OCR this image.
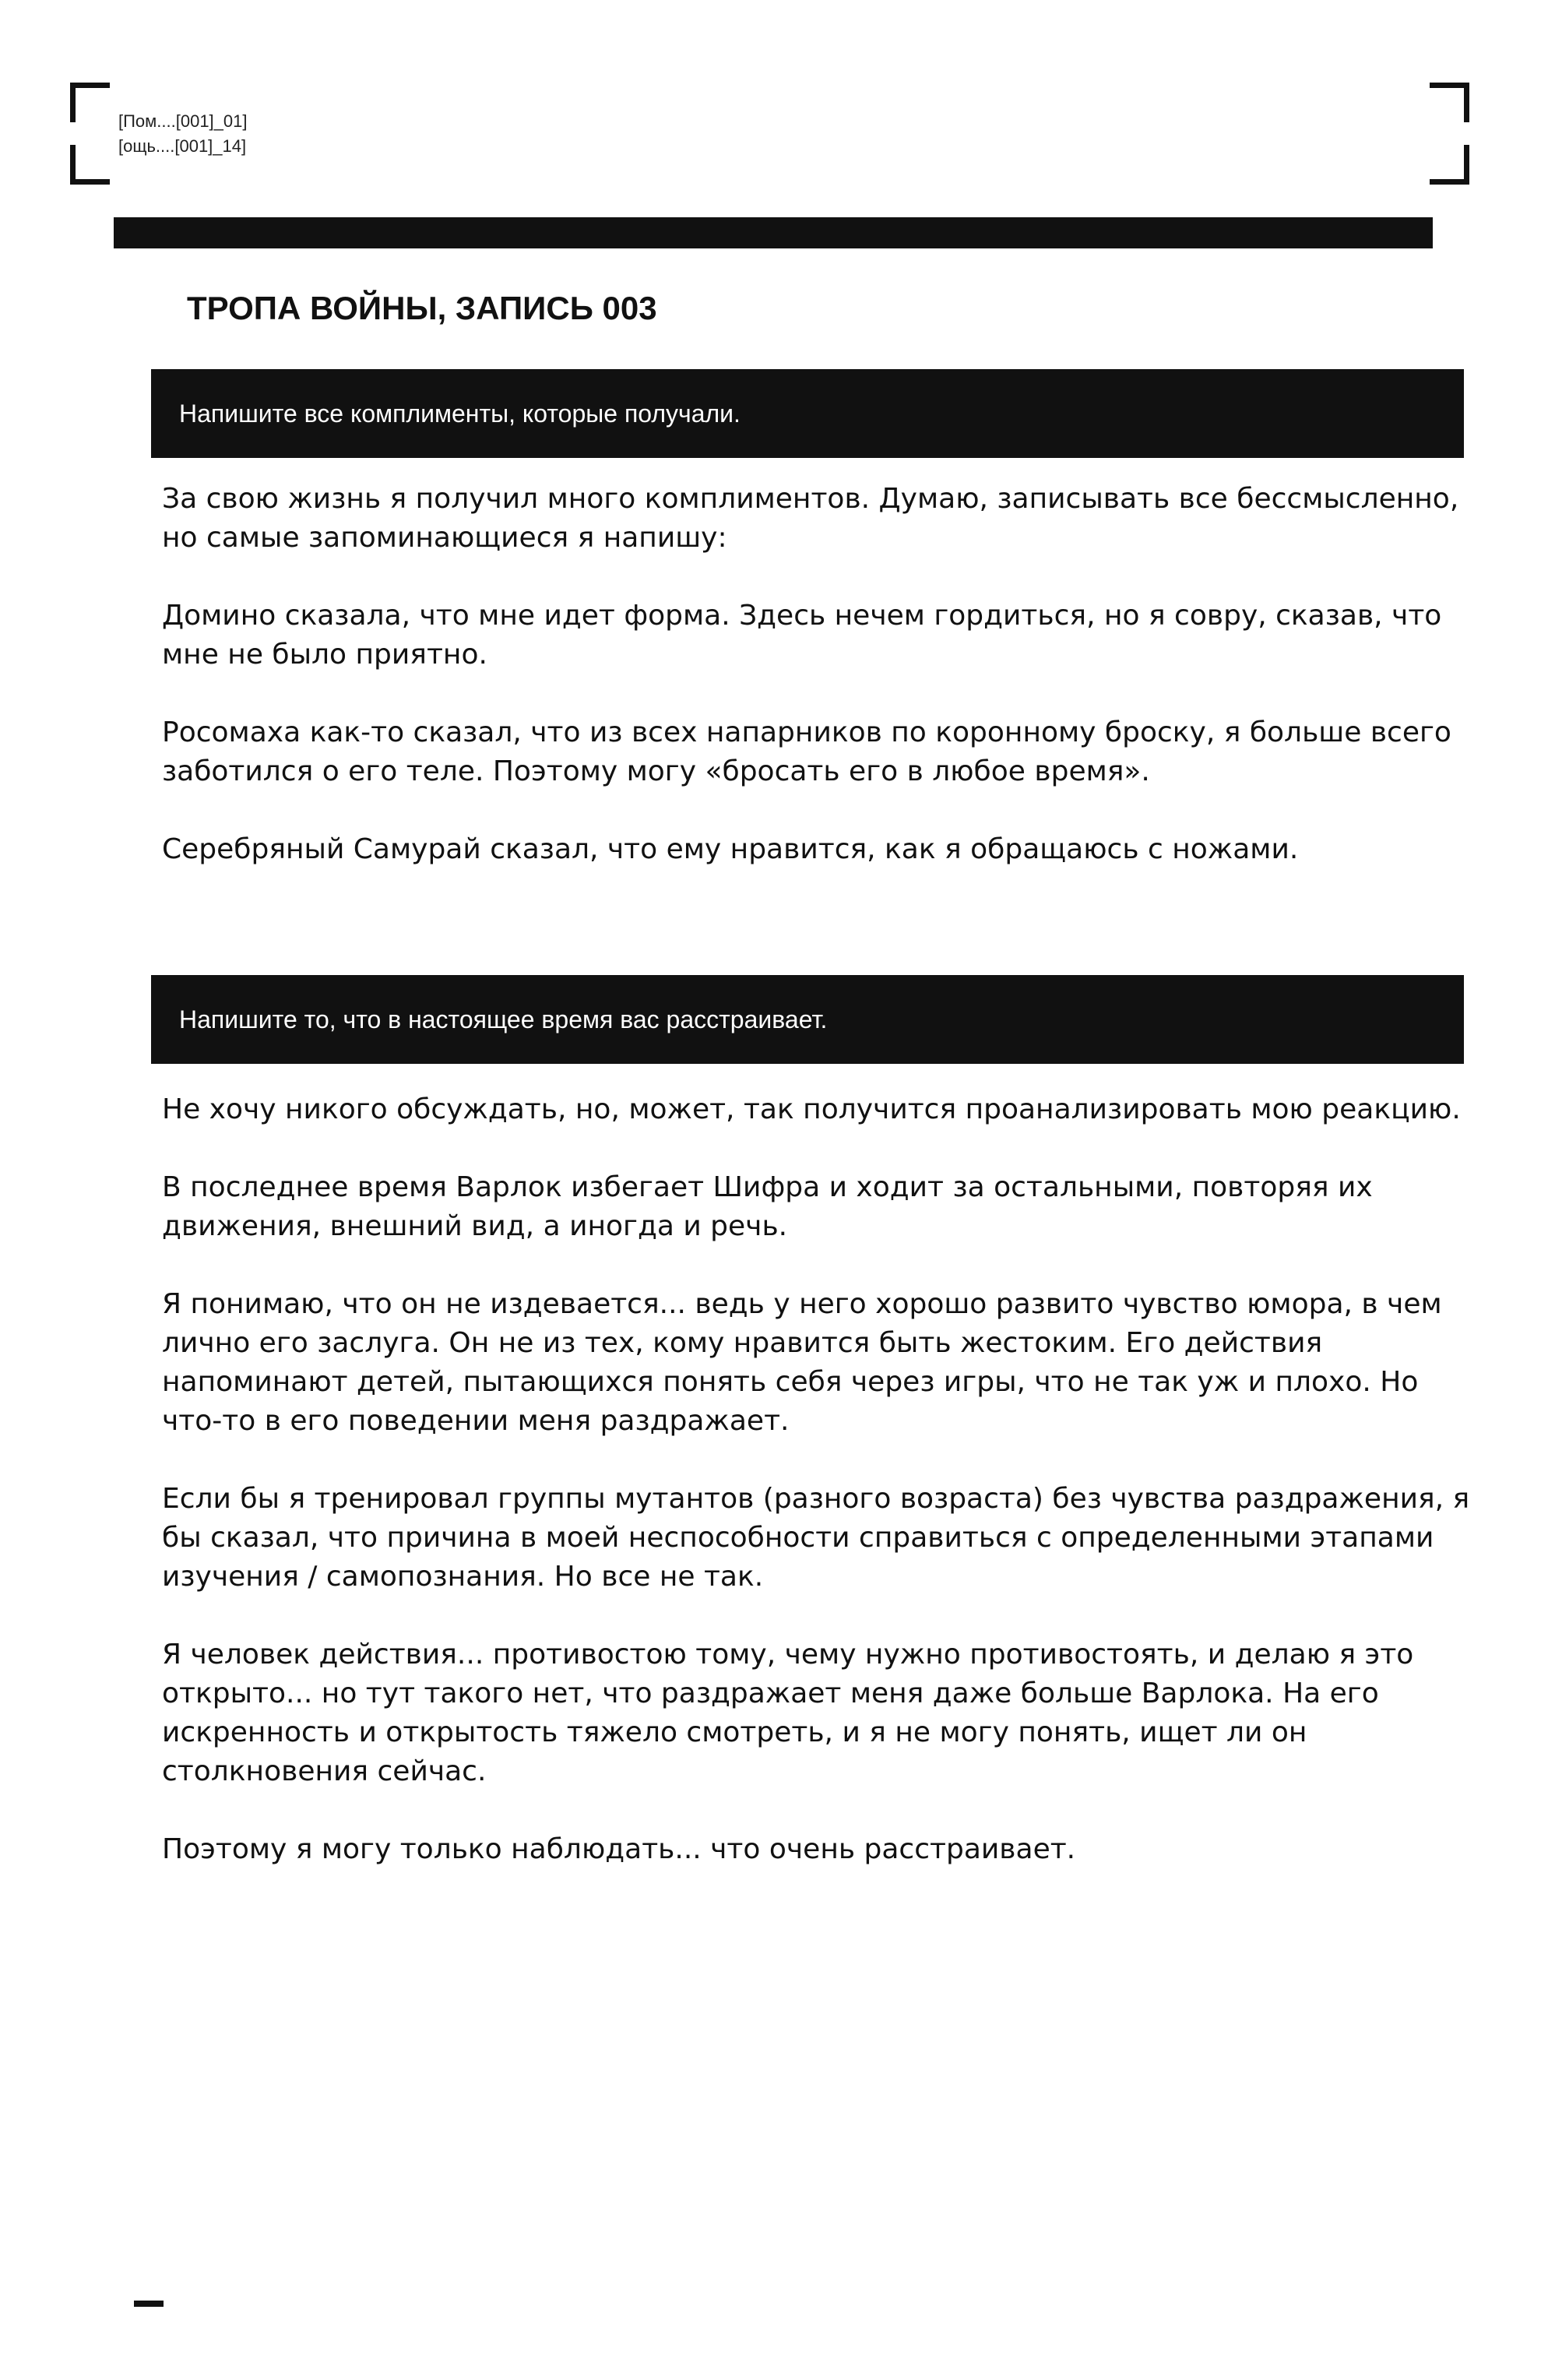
[Пом....[001]_01]
[ощь....[001]_14]
ТРОПА ВОЙНЫ, ЗАПИСЬ 003
Напишите все комплименты, которые получали.

За свою жизнь я получил много комплиментов. Думаю, записывать все бессмысленно, но самые запоминающиеся я напишу:

Домино сказала, что мне идет форма. Здесь нечем гордиться, но я совру, сказав, что мне не было приятно.

Росомаха как-то сказал, что из всех напарников по коронному броску, я больше всего заботился о его теле. Поэтому могу «бросать его в любое время».

Серебряный Самурай сказал, что ему нравится, как я обращаюсь с ножами.

Напишите то, что в настоящее время вас расстраивает.

Не хочу никого обсуждать, но, может, так получится проанализировать мою реакцию.

В последнее время Варлок избегает Шифра и ходит за остальными, повторяя их движения, внешний вид, а иногда и речь.

Я понимаю, что он не издевается... ведь у него хорошо развито чувство юмора, в чем лично его заслуга. Он не из тех, кому нравится быть жестоким. Его действия напоминают детей, пытающихся понять себя через игры, что не так уж и плохо. Но что-то в его поведении меня раздражает.

Если бы я тренировал группы мутантов (разного возраста) без чувства раздражения, я бы сказал, что причина в моей неспособности справиться с определенными этапами изучения / самопознания. Но все не так.

Я человек действия... противостою тому, чему нужно противостоять, и делаю я это открыто... но тут такого нет, что раздражает меня даже больше Варлока. На его искренность и открытость тяжело смотреть, и я не могу понять, ищет ли он столкновения сейчас.

Поэтому я могу только наблюдать... что очень расстраивает.
